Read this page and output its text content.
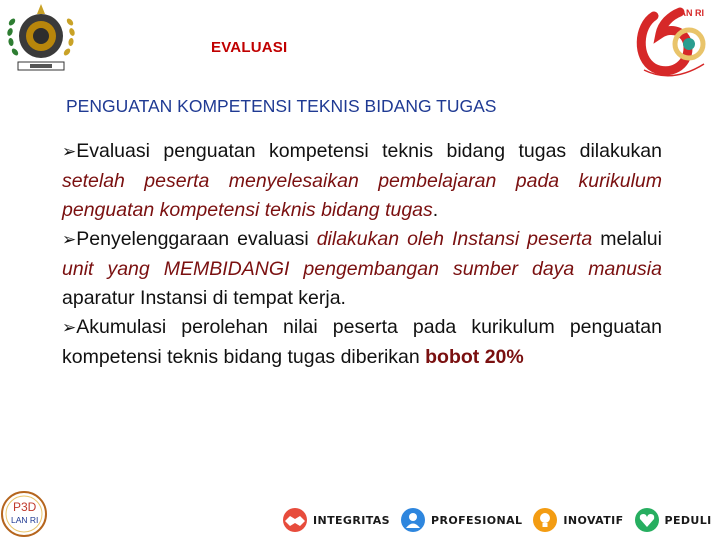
LAN RI
EVALUASI
PENGUATAN KOMPETENSI TEKNIS BIDANG TUGAS

➢Evaluasi penguatan kompetensi teknis bidang tugas dilakukan setelah peserta menyelesaikan pembelajaran pada kurikulum penguatan kompetensi teknis bidang tugas.

➢Penyelenggaraan evaluasi dilakukan oleh Instansi peserta melalui unit yang MEMBIDANGI pengembangan sumber daya manusia aparatur Instansi di tempat kerja.

➢Akumulasi perolehan nilai peserta pada kurikulum penguatan kompetensi teknis bidang tugas diberikan bobot 20%

P3D
LAN RI	INTEGRITAS	PROFESIONAL	INOVATIF	PEDULI
